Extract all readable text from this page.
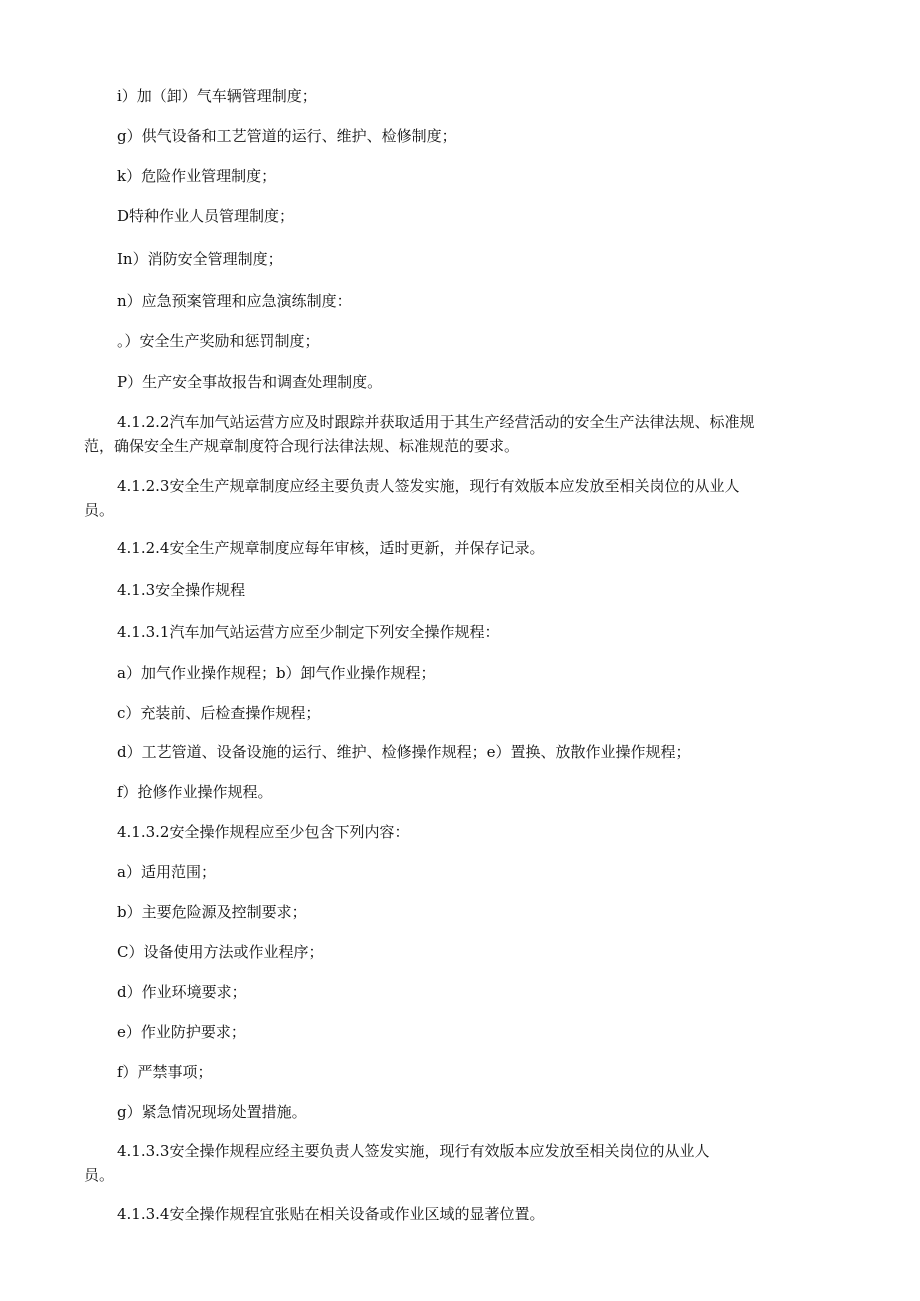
i）加（卸）气车辆管理制度；
g）供气设备和工艺管道的运行、维护、检修制度；
k）危险作业管理制度；
D特种作业人员管理制度；
In）消防安全管理制度；
n）应急预案管理和应急演练制度：
。）安全生产奖励和惩罚制度；
P）生产安全事故报告和调查处理制度。
4.1.2.2汽车加气站运营方应及时跟踪并获取适用于其生产经营活动的安全生产法律法规、标准规
范，确保安全生产规章制度符合现行法律法规、标准规范的要求。
4.1.2.3安全生产规章制度应经主要负责人签发实施，现行有效版本应发放至相关岗位的从业人
员。
4.1.2.4安全生产规章制度应每年审核，适时更新，并保存记录。
4.1.3安全操作规程
4.1.3.1汽车加气站运营方应至少制定下列安全操作规程：
a）加气作业操作规程；b）卸气作业操作规程；
c）充装前、后检查操作规程；
d）工艺管道、设备设施的运行、维护、检修操作规程；e）置换、放散作业操作规程；
f）抢修作业操作规程。
4.1.3.2安全操作规程应至少包含下列内容：
a）适用范围；
b）主要危险源及控制要求；
C）设备使用方法或作业程序；
d）作业环境要求；
e）作业防护要求；
f）严禁事项；
g）紧急情况现场处置措施。
4.1.3.3安全操作规程应经主要负责人签发实施，现行有效版本应发放至相关岗位的从业人
员。
4.1.3.4安全操作规程宜张贴在相关设备或作业区域的显著位置。
